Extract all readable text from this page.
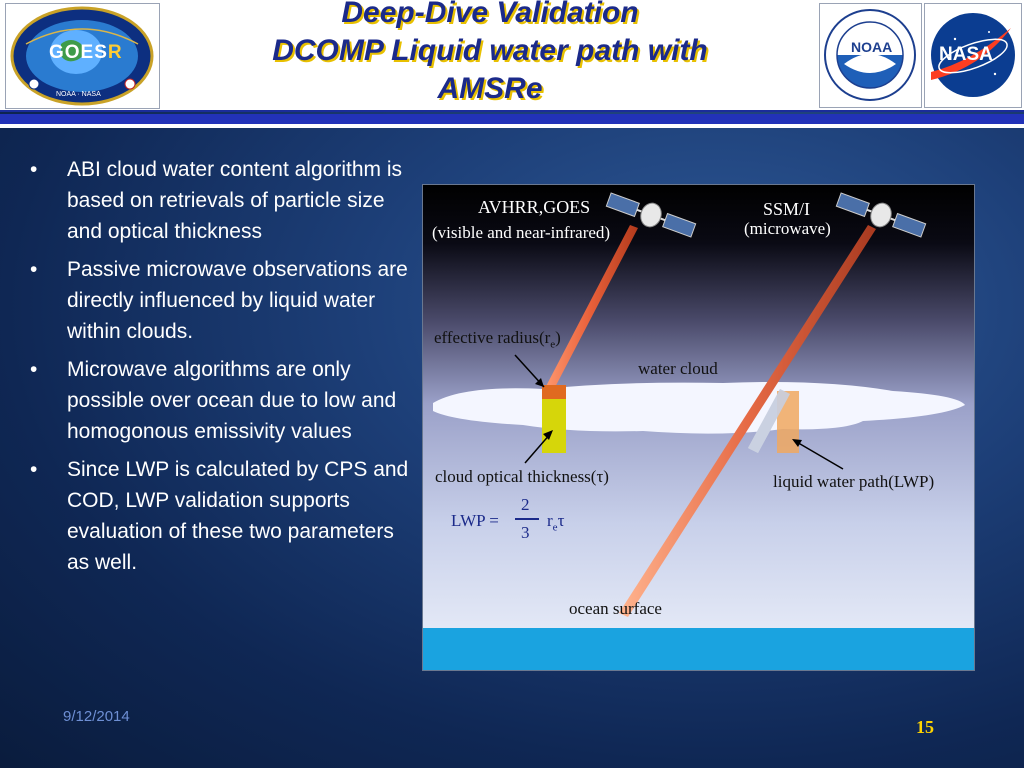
GOESR
NOAA · NASA
Deep-Dive Validation
DCOMP Liquid water path with
AMSRe
NOAA NASA
• ABI cloud water content algorithm is based on retrievals of particle size and optical thickness
• Passive microwave observations are directly influenced by liquid water within clouds.
• Microwave algorithms are only possible over ocean due to low and homogonous emissivity values
• Since LWP is calculated by CPS and COD, LWP validation supports evaluation of these two parameters as well.
AVHRR,GOES
(visible and near-infrared)
SSM/I
(microwave)
effective $radius(r_e)$
water cloud
cloud optical thickness(τ)	liquid water path(LWP)
LWP =
2
3
$r_e\tau$
ocean surface
9/12/2014
15
